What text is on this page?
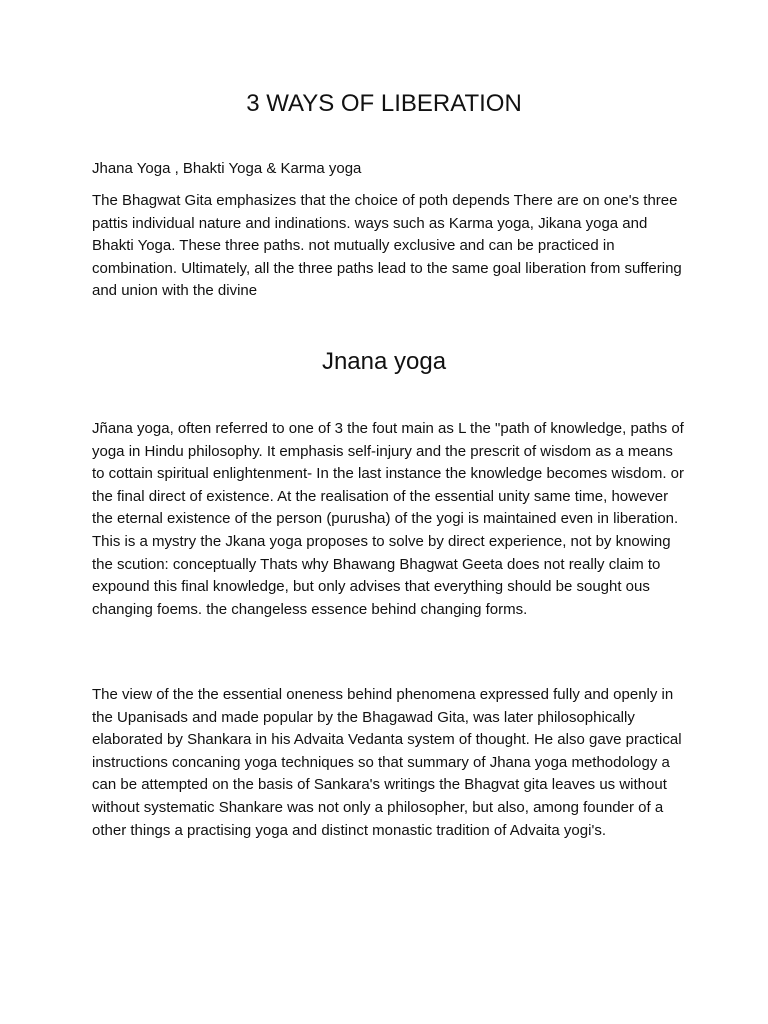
3 WAYS OF LIBERATION

Jhana Yoga , Bhakti Yoga & Karma yoga

The Bhagwat Gita emphasizes that the choice of poth depends There are on one's three pattis individual nature and indinations. ways such as Karma yoga, Jikana yoga and Bhakti Yoga. These three paths. not mutually exclusive and can be practiced in combination. Ultimately, all the three paths lead to the same goal liberation from suffering and union with the divine

Jnana yoga

Jñana yoga, often referred to one of 3 the fout main as L the "path of knowledge, paths of yoga in Hindu philosophy. It emphasis self-injury and the prescrit of wisdom as a means to cottain spiritual enlightenment- In the last instance the knowledge becomes wisdom. or the final direct of existence. At the realisation of the essential unity same time, however the eternal existence of the person (purusha) of the yogi is maintained even in liberation. This is a mystry the Jkana yoga proposes to solve by direct experience, not by knowing the scution: conceptually Thats why Bhawang Bhagwat Geeta does not really claim to expound this final knowledge, but only advises that everything should be sought ous changing foems. the changeless essence behind changing forms.

The view of the the essential oneness behind phenomena expressed fully and openly in the Upanisads and made popular by the Bhagawad Gita, was later philosophically elaborated by Shankara in his Advaita Vedanta system of thought. He also gave practical instructions concaning yoga techniques so that summary of Jhana yoga methodology a can be attempted on the basis of Sankara's writings the Bhagvat gita leaves us without without systematic Shankare was not only a philosopher, but also, among founder of a other things a practising yoga and distinct monastic tradition of Advaita yogi's.
